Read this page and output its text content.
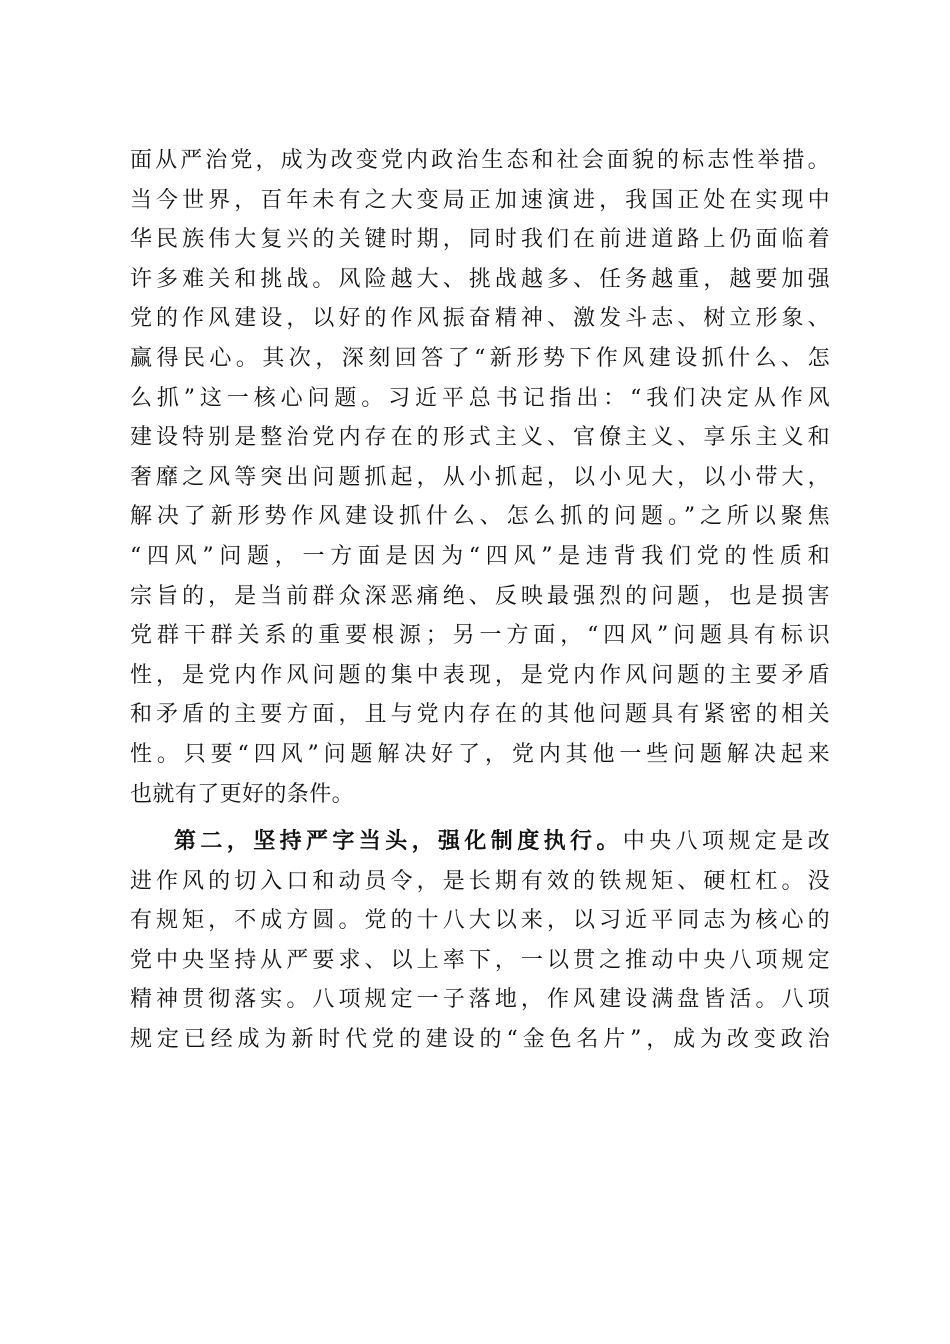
面从严治党，成为改变党内政治生态和社会面貌的标志性举措。
当今世界，百年未有之大变局正加速演进，我国正处在实现中
华民族伟大复兴的关键时期，同时我们在前进道路上仍面临着
许多难关和挑战。风险越大、挑战越多、任务越重，越要加强
党的作风建设，以好的作风振奋精神、激发斗志、树立形象、
赢得民心。其次，深刻回答了“新形势下作风建设抓什么、怎
么抓”这一核心问题。习近平总书记指出：“我们决定从作风
建设特别是整治党内存在的形式主义、官僚主义、享乐主义和
奢靡之风等突出问题抓起，从小抓起，以小见大，以小带大，
解决了新形势作风建设抓什么、怎么抓的问题。”之所以聚焦
“四风”问题，一方面是因为“四风”是违背我们党的性质和
宗旨的，是当前群众深恶痛绝、反映最强烈的问题，也是损害
党群干群关系的重要根源；另一方面，“四风”问题具有标识
性，是党内作风问题的集中表现，是党内作风问题的主要矛盾
和矛盾的主要方面，且与党内存在的其他问题具有紧密的相关
性。只要“四风”问题解决好了，党内其他一些问题解决起来
也就有了更好的条件。
第二，坚持严字当头，强化制度执行。中央八项规定是改
进作风的切入口和动员令，是长期有效的铁规矩、硬杠杠。没
有规矩，不成方圆。党的十八大以来，以习近平同志为核心的
党中央坚持从严要求、以上率下，一以贯之推动中央八项规定
精神贯彻落实。八项规定一子落地，作风建设满盘皆活。八项
规定已经成为新时代党的建设的“金色名片”，成为改变政治
